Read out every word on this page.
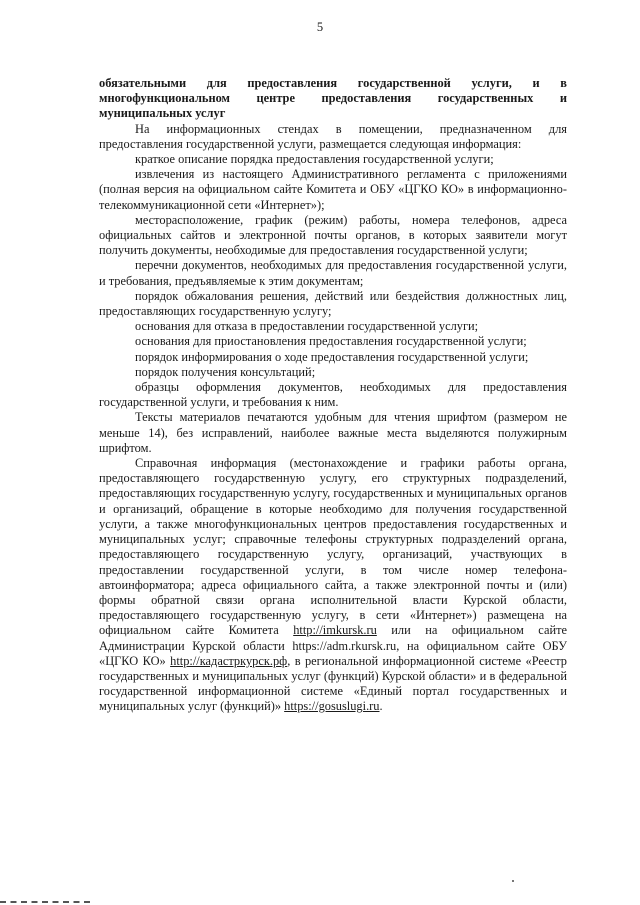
5

обязательными для предоставления государственной услуги, и в многофункциональном центре предоставления государственных и муниципальных услуг

На информационных стендах в помещении, предназначенном для предоставления государственной услуги, размещается следующая информация:

краткое описание порядка предоставления государственной услуги;

извлечения из настоящего Административного регламента с приложениями (полная версия на официальном сайте Комитета и ОБУ «ЦГКО КО» в информационно-телекоммуникационной сети «Интернет»);

месторасположение, график (режим) работы, номера телефонов, адреса официальных сайтов и электронной почты органов, в которых заявители могут получить документы, необходимые для предоставления государственной услуги;

перечни документов, необходимых для предоставления государственной услуги, и требования, предъявляемые к этим документам;

порядок обжалования решения, действий или бездействия должностных лиц, предоставляющих государственную услугу;

основания для отказа в предоставлении государственной услуги;

основания для приостановления предоставления государственной услуги;

порядок информирования о ходе предоставления государственной услуги;

порядок получения консультаций;

образцы оформления документов, необходимых для предоставления государственной услуги, и требования к ним.

Тексты материалов печатаются удобным для чтения шрифтом (размером не меньше 14), без исправлений, наиболее важные места выделяются полужирным шрифтом.

Справочная информация (местонахождение и графики работы органа, предоставляющего государственную услугу, его структурных подразделений, предоставляющих государственную услугу, государственных и муниципальных органов и организаций, обращение в которые необходимо для получения государственной услуги, а также многофункциональных центров предоставления государственных и муниципальных услуг; справочные телефоны структурных подразделений органа, предоставляющего государственную услугу, организаций, участвующих в предоставлении государственной услуги, в том числе номер телефона-автоинформатора; адреса официального сайта, а также электронной почты и (или) формы обратной связи органа исполнительной власти Курской области, предоставляющего государственную услугу, в сети «Интернет») размещена на официальном сайте Комитета http://imkursk.ru или на официальном сайте Администрации Курской области https://adm.rkursk.ru, на официальном сайте ОБУ «ЦГКО КО» http://кадастркурск.рф, в региональной информационной системе «Реестр государственных и муниципальных услуг (функций) Курской области» и в федеральной государственной информационной системе «Единый портал государственных и муниципальных услуг (функций)» https://gosuslugi.ru.
